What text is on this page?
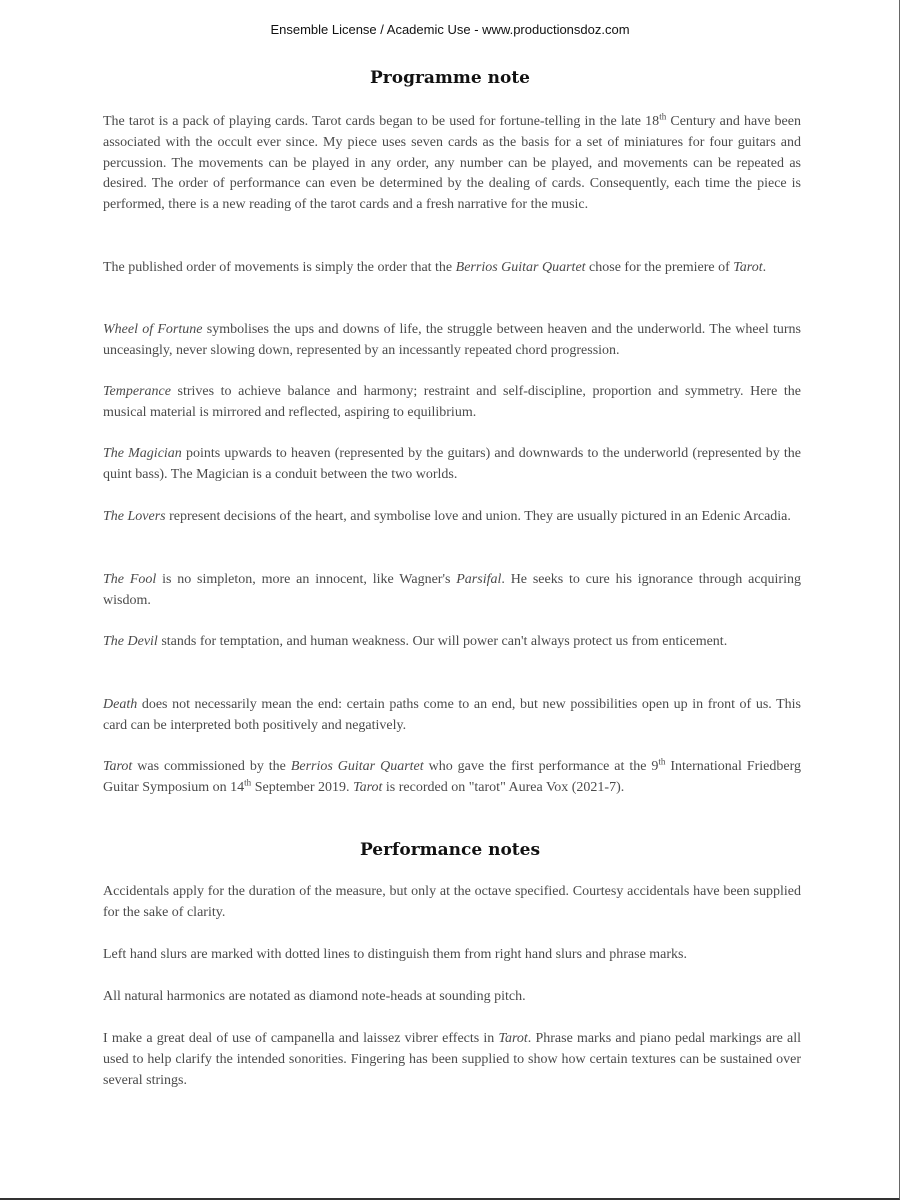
Ensemble License / Academic Use - www.productionsdoz.com
Programme note

The tarot is a pack of playing cards. Tarot cards began to be used for fortune-telling in the late 18th Century and have been associated with the occult ever since. My piece uses seven cards as the basis for a set of miniatures for four guitars and percussion. The movements can be played in any order, any number can be played, and movements can be repeated as desired. The order of performance can even be determined by the dealing of cards. Consequently, each time the piece is performed, there is a new reading of the tarot cards and a fresh narrative for the music.

The published order of movements is simply the order that the Berrios Guitar Quartet chose for the premiere of Tarot.

Wheel of Fortune symbolises the ups and downs of life, the struggle between heaven and the underworld. The wheel turns unceasingly, never slowing down, represented by an incessantly repeated chord progression.

Temperance strives to achieve balance and harmony; restraint and self-discipline, proportion and symmetry. Here the musical material is mirrored and reflected, aspiring to equilibrium.

The Magician points upwards to heaven (represented by the guitars) and downwards to the underworld (represented by the quint bass). The Magician is a conduit between the two worlds.

The Lovers represent decisions of the heart, and symbolise love and union. They are usually pictured in an Edenic Arcadia.

The Fool is no simpleton, more an innocent, like Wagner's Parsifal. He seeks to cure his ignorance through acquiring wisdom.

The Devil stands for temptation, and human weakness. Our will power can't always protect us from enticement.

Death does not necessarily mean the end: certain paths come to an end, but new possibilities open up in front of us. This card can be interpreted both positively and negatively.

Tarot was commissioned by the Berrios Guitar Quartet who gave the first performance at the 9th International Friedberg Guitar Symposium on 14th September 2019. Tarot is recorded on "tarot" Aurea Vox (2021-7).

Performance notes

Accidentals apply for the duration of the measure, but only at the octave specified. Courtesy accidentals have been supplied for the sake of clarity.

Left hand slurs are marked with dotted lines to distinguish them from right hand slurs and phrase marks.

All natural harmonics are notated as diamond note-heads at sounding pitch.

I make a great deal of use of campanella and laissez vibrer effects in Tarot. Phrase marks and piano pedal markings are all used to help clarify the intended sonorities. Fingering has been supplied to show how certain textures can be sustained over several strings.
